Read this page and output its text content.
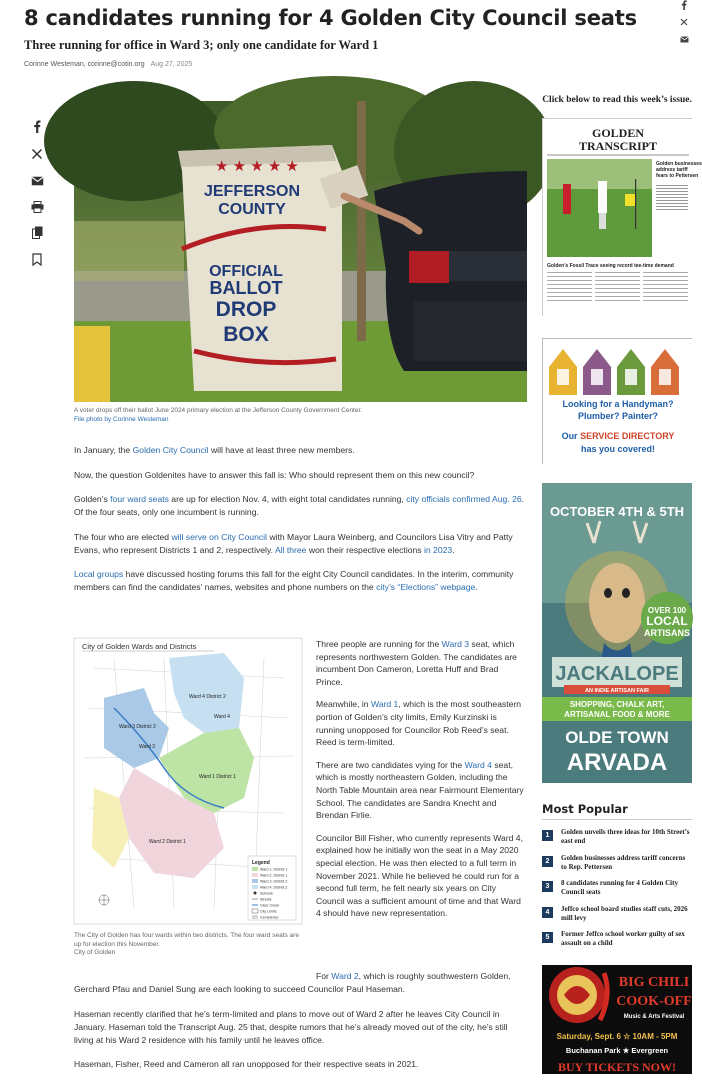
8 candidates running for 4 Golden City Council seats
Three running for office in Ward 3; only one candidate for Ward 1
Corinne Westeman, corinne@cotin.org Aug 27, 2025
★ ★ ★ ★ ★
JEFFERSON
COUNTY
OFFICIAL
BALLOT
DROP
BOX
A voter drops off their ballot June 2024 primary election at the Jefferson County Government Center.
File photo by Corinne Westeman

In January, the Golden City Council will have at least three new members.

Now, the question Goldenites have to answer this fall is: Who should represent them on this new council?

Golden’s four ward seats are up for election Nov. 4, with eight total candidates running, city officials confirmed Aug. 26. Of the four seats, only one incumbent is running.

The four who are elected will serve on City Council with Mayor Laura Weinberg, and Councilors Lisa Vitry and Patty Evans, who represent Districts 1 and 2, respectively. All three won their respective elections in 2023.

Local groups have discussed hosting forums this fall for the eight City Council candidates. In the interim, community members can find the candidates’ names, websites and phone numbers on the city’s “Elections” webpage.

City of Golden Wards and Districts
Ward 3 District 2
Ward 4 District 2
Ward 1 District 1
Ward 2 District 1
Ward 3
Ward 4
Legend
Ward 1, District 1
Ward 2, District 1
Ward 3, District 2
Ward 4, District 2
Schools
Streets
Clear Creek
City Limits
Cemeteries
The City of Golden has four wards within two districts. The four ward seats are up for election this November.
City of Golden

Three people are running for the Ward 3 seat, which represents northwestern Golden. The candidates are incumbent Don Cameron, Loretta Huff and Brad Prince.

Meanwhile, in Ward 1, which is the most southeastern portion of Golden’s city limits, Emily Kurzinski is running unopposed for Councilor Rob Reed’s seat. Reed is term-limited.

There are two candidates vying for the Ward 4 seat, which is mostly northeastern Golden, including the North Table Mountain area near Fairmount Elementary School. The candidates are Sandra Knecht and Brendan Firlie.

Councilor Bill Fisher, who currently represents Ward 4, explained how he initially won the seat in a May 2020 special election. He was then elected to a full term in November 2021. While he believed he could run for a second full term, he felt nearly six years on City Council was a sufficient amount of time and that Ward 4 should have new representation.

For Ward 2, which is roughly southwestern Golden, Gerchard Pfau and Daniel Sung are each looking to succeed Councilor Paul Haseman.

Haseman recently clarified that he’s term-limited and plans to move out of Ward 2 after he leaves City Council in January. Haseman told the Transcript Aug. 25 that, despite rumors that he’s already moved out of the city, he’s still living at his Ward 2 residence with his family until he leaves office.

Haseman, Fisher, Reed and Cameron all ran unopposed for their respective seats in 2021.

Click below to read this week’s issue.
GOLDEN
TRANSCRIPT
Golden businesses address tariff fears to Pettersen
Golden’s Fossil Trace seeing record tee-time demand
Looking for a Handyman?
Plumber? Painter?
Our SERVICE DIRECTORY
has you covered!
OCTOBER 4TH & 5TH
OVER 100
LOCAL
ARTISANS
JACKALOPE
AN INDIE ARTISAN FAIR
SHOPPING, CHALK ART,
ARTISANAL FOOD & MORE
OLDE TOWN
ARVADA
Most Popular
1	Golden unveils three ideas for 10th Street’s east end
2	Golden businesses address tariff concerns to Rep. Pettersen
3	8 candidates running for 4 Golden City Council seats
4	Jeffco school board studies staff cuts, 2026 mill levy
5	Former Jeffco school worker guilty of sex assault on a child
BIG CHILI
COOK-OFF
Music & Arts Festival
Saturday, Sept. 6 ☆ 10AM - 5PM
Buchanan Park ★ Evergreen
BUY TICKETS NOW!
